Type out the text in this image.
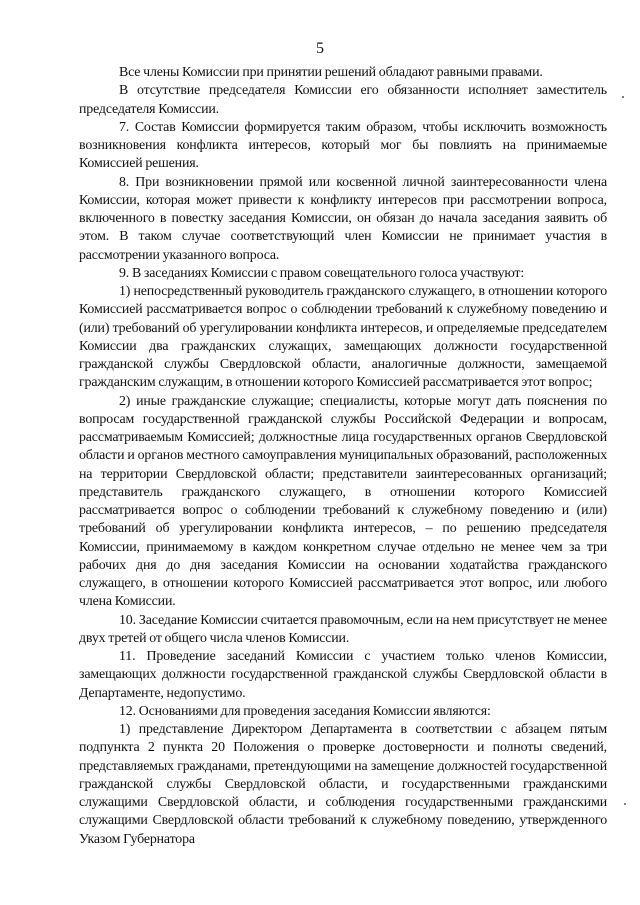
5

Все члены Комиссии при принятии решений обладают равными правами.

В отсутствие председателя Комиссии его обязанности исполняет заместитель председателя Комиссии.

7. Состав Комиссии формируется таким образом, чтобы исключить возможность возникновения конфликта интересов, который мог бы повлиять на принимаемые Комиссией решения.

8. При возникновении прямой или косвенной личной заинтересованности члена Комиссии, которая может привести к конфликту интересов при рассмотрении вопроса, включенного в повестку заседания Комиссии, он обязан до начала заседания заявить об этом. В таком случае соответствующий член Комиссии не принимает участия в рассмотрении указанного вопроса.

9. В заседаниях Комиссии с правом совещательного голоса участвуют:

1) непосредственный руководитель гражданского служащего, в отношении которого Комиссией рассматривается вопрос о соблюдении требований к служебному поведению и (или) требований об урегулировании конфликта интересов, и определяемые председателем Комиссии два гражданских служащих, замещающих должности государственной гражданской службы Свердловской области, аналогичные должности, замещаемой гражданским служащим, в отношении которого Комиссией рассматривается этот вопрос;

2) иные гражданские служащие; специалисты, которые могут дать пояснения по вопросам государственной гражданской службы Российской Федерации и вопросам, рассматриваемым Комиссией; должностные лица государственных органов Свердловской области и органов местного самоуправления муниципальных образований, расположенных на территории Свердловской области; представители заинтересованных организаций; представитель гражданского служащего, в отношении которого Комиссией рассматривается вопрос о соблюдении требований к служебному поведению и (или) требований об урегулировании конфликта интересов, – по решению председателя Комиссии, принимаемому в каждом конкретном случае отдельно не менее чем за три рабочих дня до дня заседания Комиссии на основании ходатайства гражданского служащего, в отношении которого Комиссией рассматривается этот вопрос, или любого члена Комиссии.

10. Заседание Комиссии считается правомочным, если на нем присутствует не менее двух третей от общего числа членов Комиссии.

11. Проведение заседаний Комиссии с участием только членов Комиссии, замещающих должности государственной гражданской службы Свердловской области в Департаменте, недопустимо.

12. Основаниями для проведения заседания Комиссии являются:

1) представление Директором Департамента в соответствии с абзацем пятым подпункта 2 пункта 20 Положения о проверке достоверности и полноты сведений, представляемых гражданами, претендующими на замещение должностей государственной гражданской службы Свердловской области, и государственными гражданскими служащими Свердловской области, и соблюдения государственными гражданскими служащими Свердловской области требований к служебному поведению, утвержденного Указом Губернатора
